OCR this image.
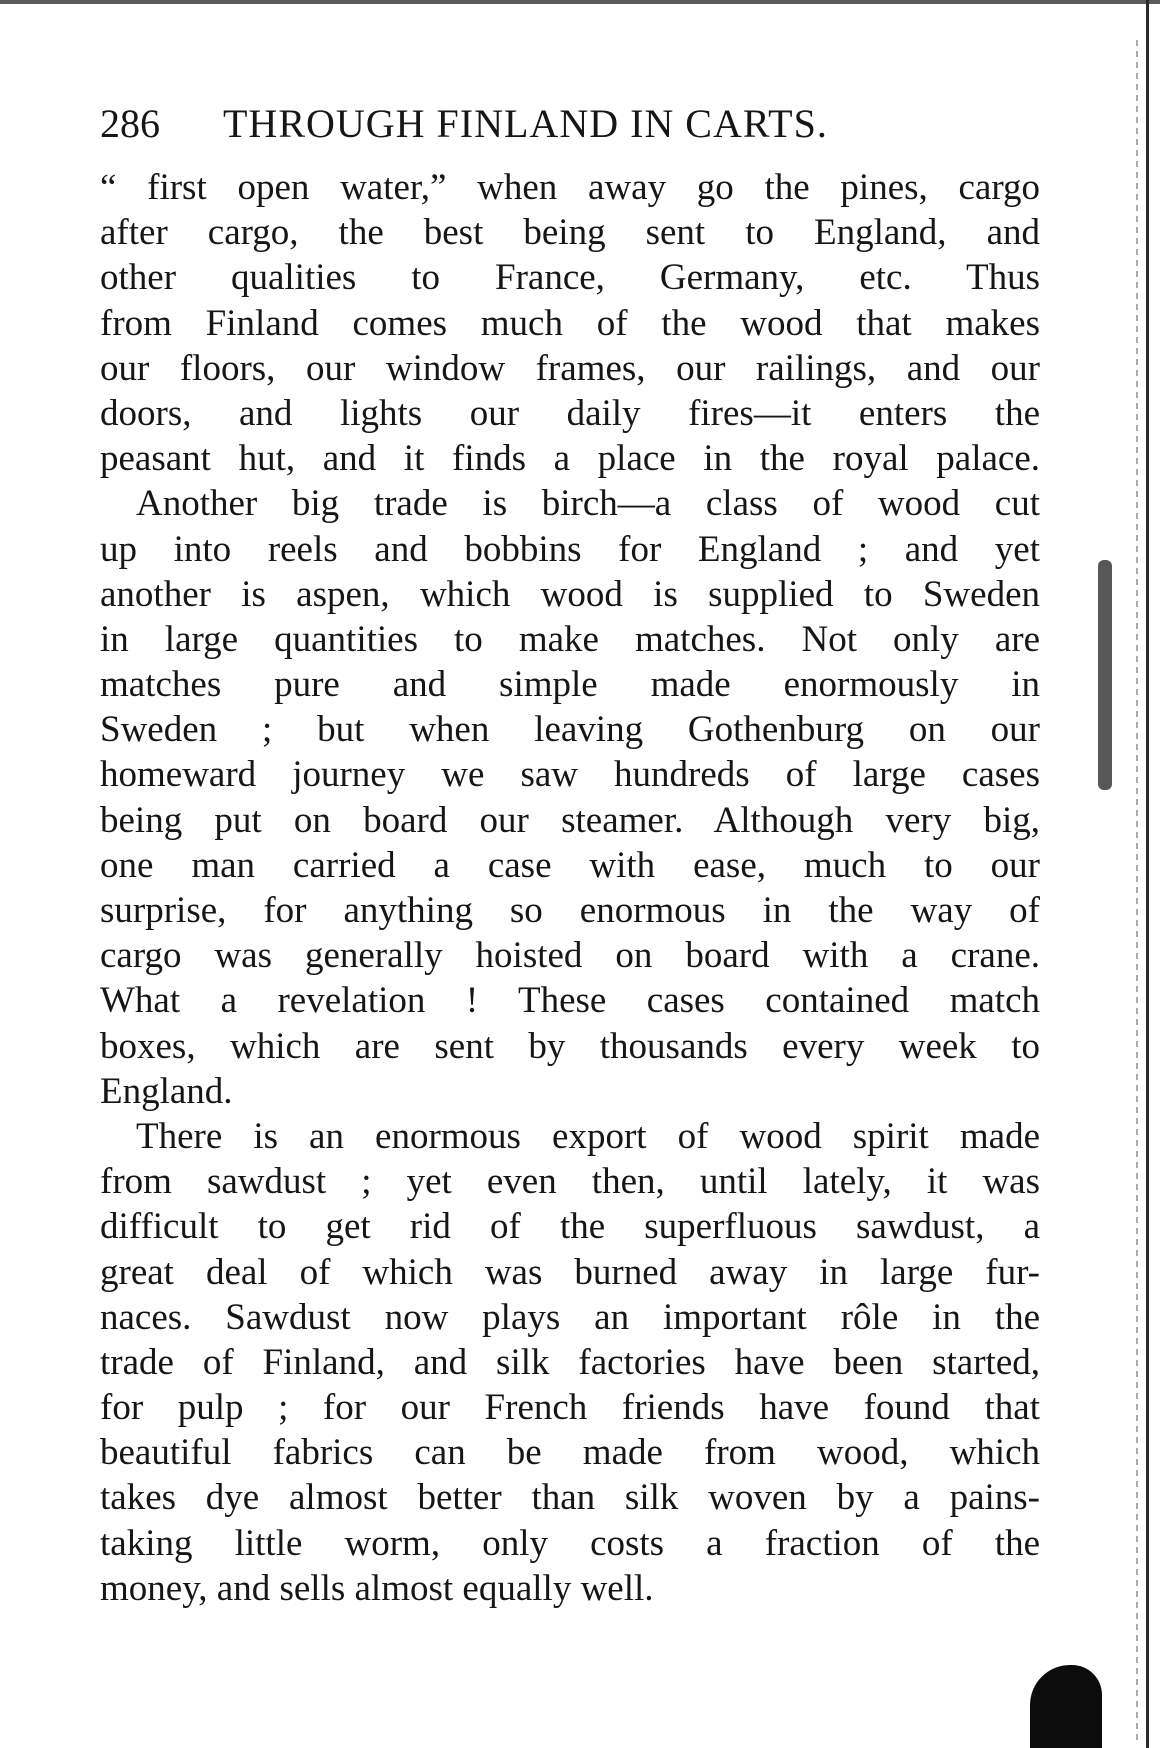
286 THROUGH FINLAND IN CARTS.
“ first open water,” when away go the pines, cargo
after cargo, the best being sent to England, and
other qualities to France, Germany, etc. Thus
from Finland comes much of the wood that makes
our floors, our window frames, our railings, and our
doors, and lights our daily fires—it enters the
peasant hut, and it finds a place in the royal palace.
Another big trade is birch—a class of wood cut
up into reels and bobbins for England ; and yet
another is aspen, which wood is supplied to Sweden
in large quantities to make matches. Not only are
matches pure and simple made enormously in
Sweden ; but when leaving Gothenburg on our
homeward journey we saw hundreds of large cases
being put on board our steamer. Although very big,
one man carried a case with ease, much to our
surprise, for anything so enormous in the way of
cargo was generally hoisted on board with a crane.
What a revelation ! These cases contained match
boxes, which are sent by thousands every week to
England.
There is an enormous export of wood spirit made
from sawdust ; yet even then, until lately, it was
difficult to get rid of the superfluous sawdust, a
great deal of which was burned away in large fur-
naces. Sawdust now plays an important rôle in the
trade of Finland, and silk factories have been started,
for pulp ; for our French friends have found that
beautiful fabrics can be made from wood, which
takes dye almost better than silk woven by a pains-
taking little worm, only costs a fraction of the
money, and sells almost equally well.
